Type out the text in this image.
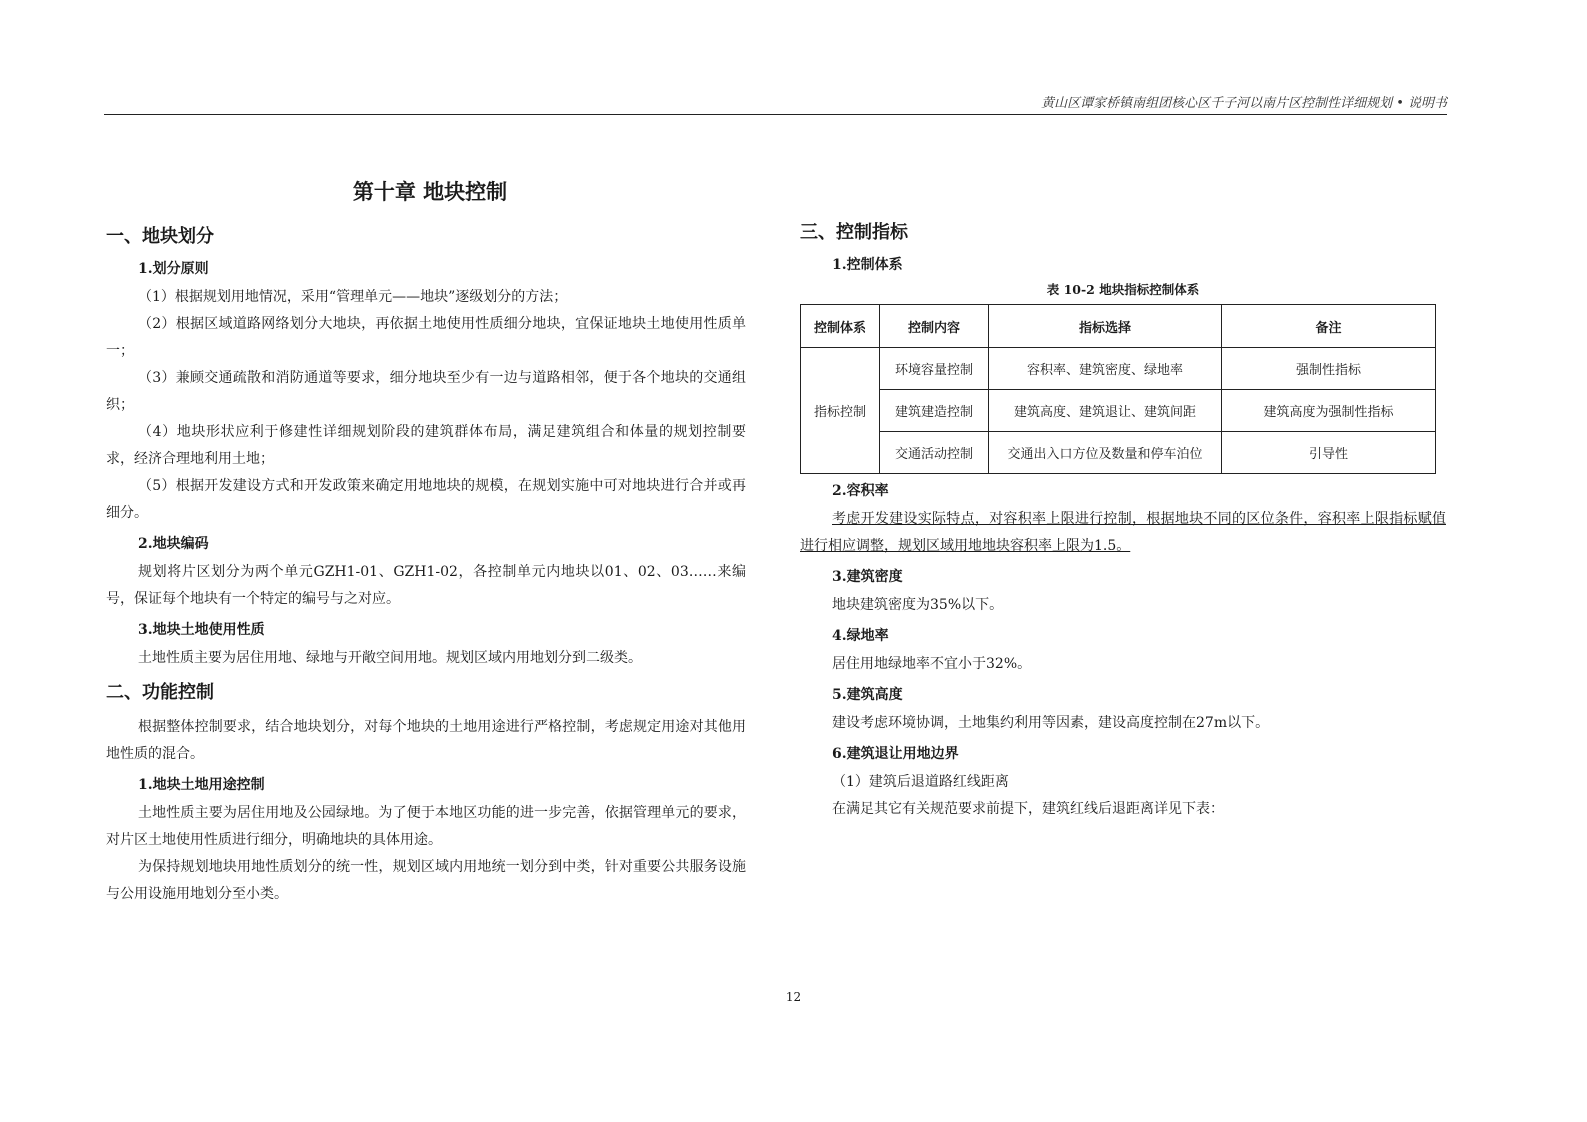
黄山区谭家桥镇南组团核心区千子河以南片区控制性详细规划 • 说明书
第十章 地块控制
一、地块划分
1.划分原则

（1）根据规划用地情况，采用“管理单元——地块”逐级划分的方法；

（2）根据区域道路网络划分大地块，再依据土地使用性质细分地块，宜保证地块土地使用性质单一；

（3）兼顾交通疏散和消防通道等要求，细分地块至少有一边与道路相邻，便于各个地块的交通组织；

（4）地块形状应利于修建性详细规划阶段的建筑群体布局，满足建筑组合和体量的规划控制要求，经济合理地利用土地；

（5）根据开发建设方式和开发政策来确定用地地块的规模，在规划实施中可对地块进行合并或再细分。

2.地块编码

规划将片区划分为两个单元GZH1-01、GZH1-02，各控制单元内地块以01、02、03……来编号，保证每个地块有一个特定的编号与之对应。

3.地块土地使用性质

土地性质主要为居住用地、绿地与开敞空间用地。规划区域内用地划分到二级类。

二、功能控制

根据整体控制要求，结合地块划分，对每个地块的土地用途进行严格控制，考虑规定用途对其他用地性质的混合。

1.地块土地用途控制

土地性质主要为居住用地及公园绿地。为了便于本地区功能的进一步完善，依据管理单元的要求，对片区土地使用性质进行细分，明确地块的具体用途。

为保持规划地块用地性质划分的统一性，规划区域内用地统一划分到中类，针对重要公共服务设施与公用设施用地划分至小类。

三、控制指标
1.控制体系
表 10-2 地块指标控制体系
控制体系	控制内容	指标选择	备注
指标控制	环境容量控制	容积率、建筑密度、绿地率	强制性指标
	建筑建造控制	建筑高度、建筑退让、建筑间距	建筑高度为强制性指标
	交通活动控制	交通出入口方位及数量和停车泊位	引导性
2.容积率

考虑开发建设实际特点，对容积率上限进行控制，根据地块不同的区位条件，容积率上限指标赋值进行相应调整，规划区域用地地块容积率上限为1.5。

3.建筑密度

地块建筑密度为35%以下。

4.绿地率

居住用地绿地率不宜小于32%。

5.建筑高度

建设考虑环境协调，土地集约利用等因素，建设高度控制在27m以下。

6.建筑退让用地边界

（1）建筑后退道路红线距离

在满足其它有关规范要求前提下，建筑红线后退距离详见下表：

12
